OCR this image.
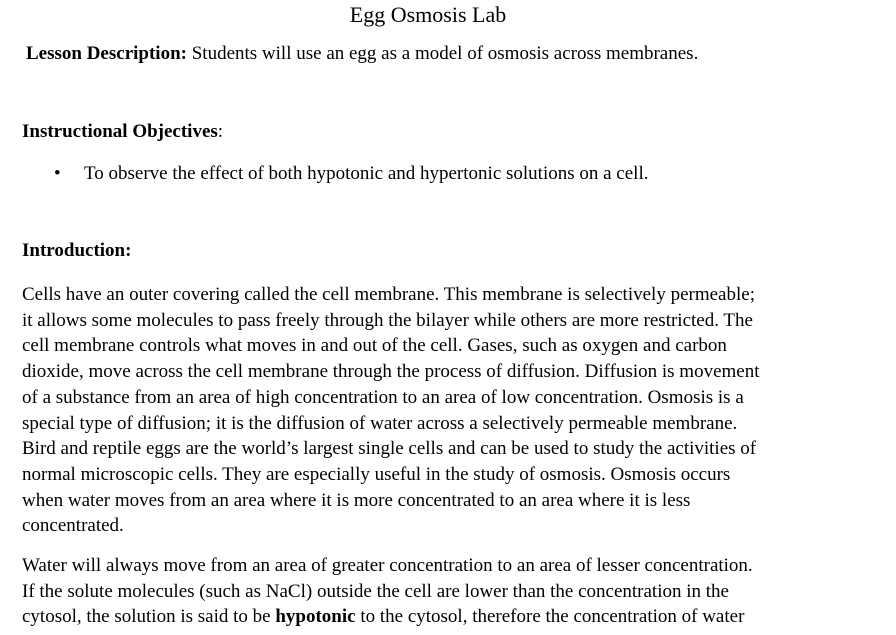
Egg Osmosis Lab
Lesson Description: Students will use an egg as a model of osmosis across membranes.
Instructional Objectives:
• To observe the effect of both hypotonic and hypertonic solutions on a cell.
Introduction:
Cells have an outer covering called the cell membrane. This membrane is selectively permeable;
it allows some molecules to pass freely through the bilayer while others are more restricted. The
cell membrane controls what moves in and out of the cell. Gases, such as oxygen and carbon
dioxide, move across the cell membrane through the process of diffusion. Diffusion is movement
of a substance from an area of high concentration to an area of low concentration. Osmosis is a
special type of diffusion; it is the diffusion of water across a selectively permeable membrane.
Bird and reptile eggs are the world’s largest single cells and can be used to study the activities of
normal microscopic cells. They are especially useful in the study of osmosis. Osmosis occurs
when water moves from an area where it is more concentrated to an area where it is less
concentrated.
Water will always move from an area of greater concentration to an area of lesser concentration.
If the solute molecules (such as NaCl) outside the cell are lower than the concentration in the
cytosol, the solution is said to be hypotonic to the cytosol, therefore the concentration of water
